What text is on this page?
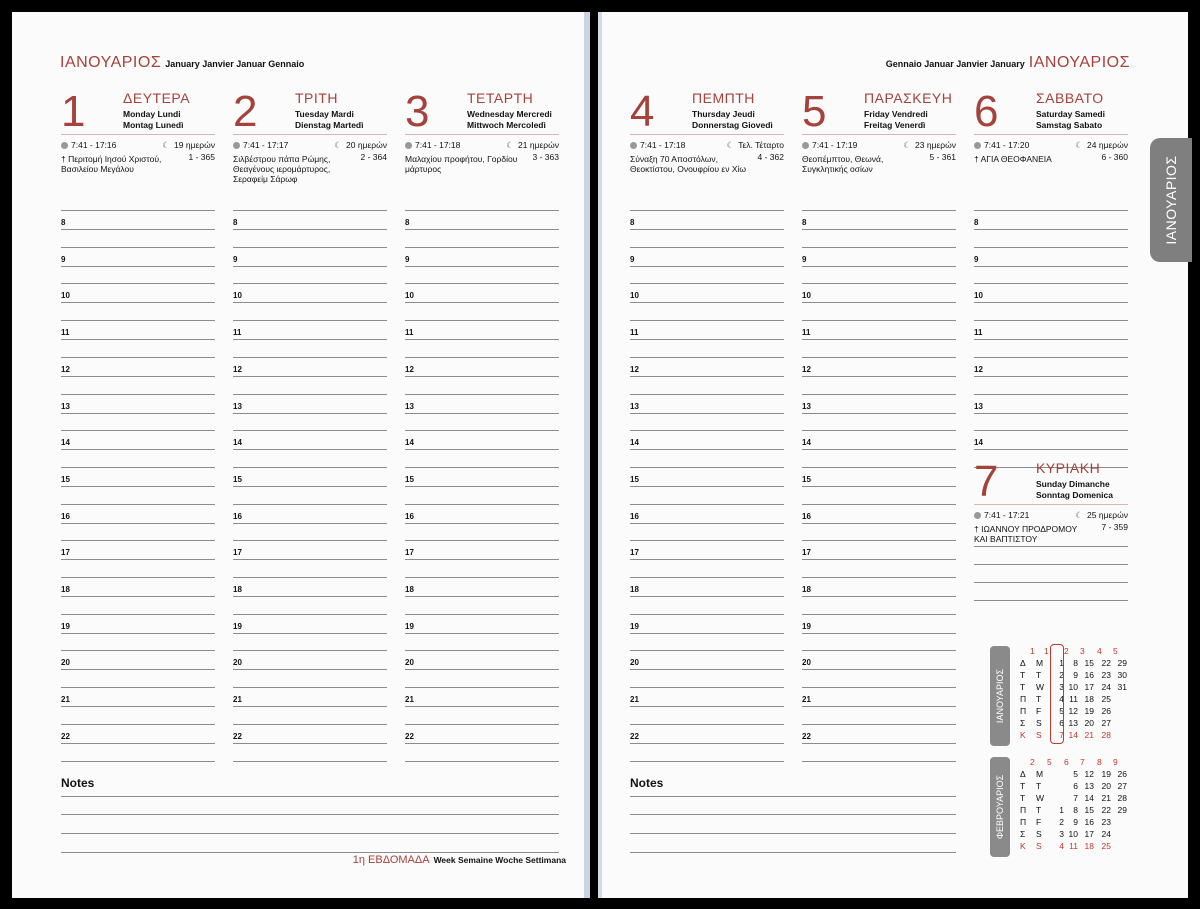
ΙΑΝΟΥΑΡΙΟΣ January Janvier Januar Gennaio
1	ΔΕΥΤΕΡΑ
Monday Lundi
Montag Lunedì
7:41 - 17:16	☾ 19 ημερών
1 - 365
† Περιτομή Ιησού Χριστού, Βασιλείου Μεγάλου
8
9
10
11
12
13
14
15
16
17
18
19
20
21
22
2	ΤΡΙΤΗ
Tuesday Mardi
Dienstag Martedì
7:41 - 17:17	☾ 20 ημερών
2 - 364
Σιλβέστρου πάπα Ρώμης, Θεαγένους ιερομάρτυρος, Σεραφείμ Σάρωφ
8
9
10
11
12
13
14
15
16
17
18
19
20
21
22
3	ΤΕΤΑΡΤΗ
Wednesday Mercredi
Mittwoch Mercoledì
7:41 - 17:18	☾ 21 ημερών
3 - 363
Μαλαχίου προφήτου, Γορδίου μάρτυρος
8
9
10
11
12
13
14
15
16
17
18
19
20
21
22
Notes
1η ΕΒΔΟΜΑΔΑ Week Semaine Woche Settimana
Gennaio Januar Janvier January ΙΑΝΟΥΑΡΙΟΣ
4	ΠΕΜΠΤΗ
Thursday Jeudi
Donnerstag Giovedì
7:41 - 17:18	☾ Τελ. Τέταρτο
4 - 362
Σύναξη 70 Αποστόλων, Θεοκτίστου, Ονουφρίου εν Χίω
8
9
10
11
12
13
14
15
16
17
18
19
20
21
22
5	ΠΑΡΑΣΚΕΥΗ
Friday Vendredi
Freitag Venerdì
7:41 - 17:19	☾ 23 ημερών
5 - 361
Θεοπέμπτου, Θεωνά, Συγκλητικής οσίων
8
9
10
11
12
13
14
15
16
17
18
19
20
21
22
6	ΣΑΒΒΑΤΟ
Saturday Samedi
Samstag Sabato
7:41 - 17:20	☾ 24 ημερών
6 - 360
† ΑΓΙΑ ΘΕΟΦΑΝΕΙΑ
8
9
10
11
12
13
14
7	ΚΥΡΙΑΚΗ
Sunday Dimanche
Sonntag Domenica
7:41 - 17:21	☾ 25 ημερών
7 - 359
† ΙΩΑΝΝΟΥ ΠΡΟΔΡΟΜΟΥ ΚΑΙ ΒΑΠΤΙΣΤΟΥ
Notes
ΙΑΝΟΥΑΡΙΟΣ
1 1 2 3 4 5
Δ M	1	8 15 22 29
Τ T	2	9 16 23 30
Τ W	3 10 17 24 31
Π T	4 11 18 25
Π F	5 12 19 26
Σ S	6 13 20 27
Κ S	7 14 21 28
ΦΕΒΡΟΥΑΡΙΟΣ
2 5 6 7 8 9
Δ M	5 12 19 26
Τ T	6 13 20 27
Τ W	7 14 21 28
Π T	1	8 15 22 29
Π F	2	9 16 23
Σ S	3 10 17 24
Κ S	4 11 18 25
ΙΑΝΟΥΑΡΙΟΣ
